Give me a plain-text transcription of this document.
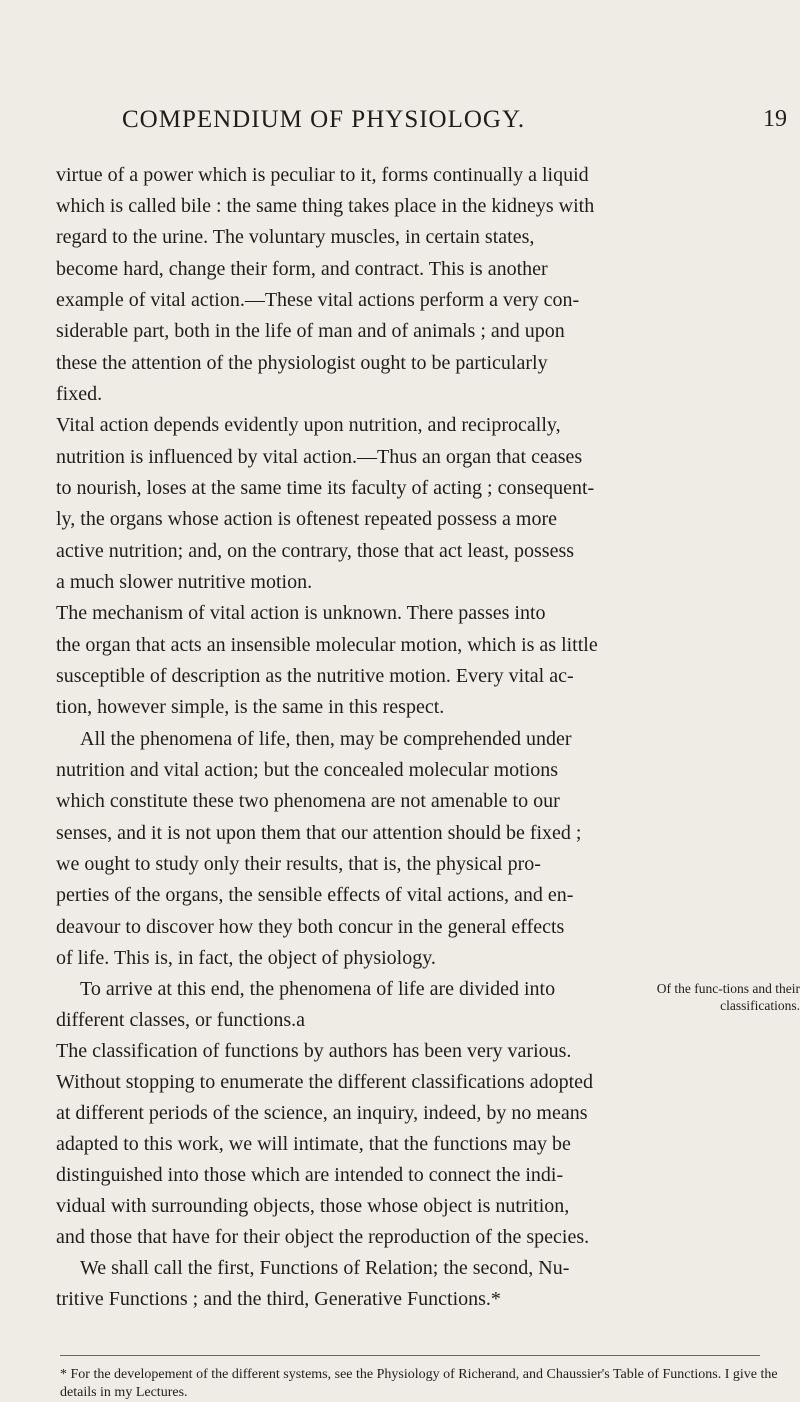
COMPENDIUM OF PHYSIOLOGY.	19
virtue of a power which is peculiar to it, forms continually a liquid
which is called bile : the same thing takes place in the kidneys with
regard to the urine. The voluntary muscles, in certain states,
become hard, change their form, and contract. This is another
example of vital action.—These vital actions perform a very con-
siderable part, both in the life of man and of animals ; and upon
these the attention of the physiologist ought to be particularly
fixed.
Vital action depends evidently upon nutrition, and reciprocally,
nutrition is influenced by vital action.—Thus an organ that ceases
to nourish, loses at the same time its faculty of acting ; consequent-
ly, the organs whose action is oftenest repeated possess a more
active nutrition; and, on the contrary, those that act least, possess
a much slower nutritive motion.
The mechanism of vital action is unknown. There passes into
the organ that acts an insensible molecular motion, which is as little
susceptible of description as the nutritive motion. Every vital ac-
tion, however simple, is the same in this respect.
All the phenomena of life, then, may be comprehended under
nutrition and vital action; but the concealed molecular motions
which constitute these two phenomena are not amenable to our
senses, and it is not upon them that our attention should be fixed ;
we ought to study only their results, that is, the physical pro-
perties of the organs, the sensible effects of vital actions, and en-
deavour to discover how they both concur in the general effects
of life. This is, in fact, the object of physiology.
To arrive at this end, the phenomena of life are divided into
different classes, or functions.a
The classification of functions by authors has been very various.
Without stopping to enumerate the different classifications adopted
at different periods of the science, an inquiry, indeed, by no means
adapted to this work, we will intimate, that the functions may be
distinguished into those which are intended to connect the indi-
vidual with surrounding objects, those whose object is nutrition,
and those that have for their object the reproduction of the species.
We shall call the first, Functions of Relation; the second, Nu-
tritive Functions ; and the third, Generative Functions.*
Of the func-tions and their classifications.
* For the developement of the different systems, see the Physiology of Richerand, and Chaussier's Table of Functions. I give the details in my Lectures.
